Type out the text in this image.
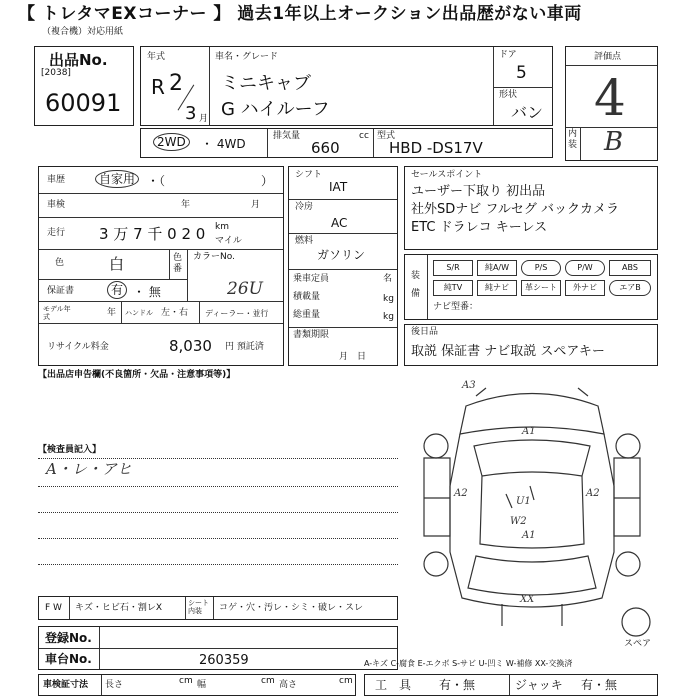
【 トレタマEXコーナー 】 過去1年以上オークション出品歴がない車両
（複合機）対応用紙
出品No.
[2038]
60091
年式
R 2
3 月
車名・グレード
ミニキャブ
G ハイルーフ
ドア
5
形状
バン
評価点
4
内装 B
2WD	・ 4WD
排気量	cc
660
型式
HBD -DS17V
車歴	自家用 ・（　　　　　　　　）
車検	年	月
走行 3 万 7 千 0 2 0 km
マイル
色	白	色番
カラーNo.
26U
保証書	有 ・ 無
モデル年式	年 ハンドル 左・右 ディーラー・並行
リサイクル料金	8,030 円 預託済
シフト
IAT
冷房
AC
燃料
ガソリン
乗車定員	名
積載量	kg
総重量	kg
書類期限
月　日
セールスポイント
ユーザー下取り 初出品
社外SDナビ フルセグ バックカメラ
ETC ドラレコ キーレス
装備
S/R	純A/W	P/S	P/W	ABS
純TV	純ナビ	革シート	外ナビ	エアB
ナビ型番：
後日品
取説 保証書 ナビ取説 スペアキー
【出品店申告欄(不良箇所・欠品・注意事項等)】
【検査員記入】
A・レ・アヒ
A3
A1
A2	A2
U1
W2
A1
XX
スペア
F W キズ・ヒビ石・割レX	シート内装	コゲ・穴・汚レ・シミ・破レ・スレ
登録No.
車台No.	260359
車検証寸法 長さ	cm 幅	cm 高さ	cm
A-キズ C-腐食 E-エクボ S-サビ U-凹ミ W-補修 XX-交換済
工　具 有・無	ジャッキ 有・無
